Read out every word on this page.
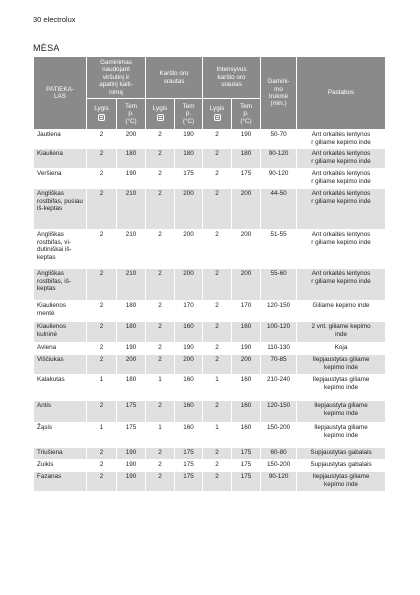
30 electrolux
MĖSA
PATIEKA-
LAS	Gaminimas
naudojant
viršutinį ir
apatinį kaiti-
nimą		Karšto oro
srautas		Intensyvus
karšto oro
srautas		Gamini-
mo
trukmė
(min.)	Pastabos

	Lygis	Tem
p.
(°C)	Lygis	Tem
p.
(°C)	Lygis	Tem
p.
(°C)		
Jautiena	2	200	2	190	2	190	50-70	Ant orkaitės lentynos
r giliame kepimo inde
Kiauliena	2	180	2	180	2	180	90-120	Ant orkaitės lentynos
r giliame kepimo inde
Veršiena	2	190	2	175	2	175	90-120	Ant orkaitės lentynos
r giliame kepimo inde
Angliškas rostbifas, pusiau iš-keptas	2	210	2	200	2	200	44-50	Ant orkaitės lentynos
r giliame kepimo inde
Angliškas rostbifas, vi-dutiniškai iš-keptas	2	210	2	200	2	200	51-55	Ant orkaitės lentynos
r giliame kepimo inde
Angliškas rostbifas, iš-keptas	2	210	2	200	2	200	55-60	Ant orkaitės lentynos
r giliame kepimo inde
Kiaulienos mentė	2	180	2	170	2	170	120-150	Giliame kepimo inde
Kiaulienos kulninė	2	180	2	160	2	160	100-120	2 vnt. giliame kepimo
inde
Aviena	2	190	2	190	2	190	110-130	Koja
Viščiukas	2	200	2	200	2	200	70-85	Ilepjaustytas giliame
kepimo inde
Kalakutas	1	180	1	160	1	160	210-240	Ilepjaustytas giliame
kepimo inde
Antis	2	175	2	160	2	160	120-150	Ilepjaustyta giliame
kepimo inde
Žąsis	1	175	1	160	1	160	150-200	Ilepjaustyta giliame
kepimo inde
Triušiena	2	190	2	175	2	175	60-80	Supjaustytas gabalais
Zuikis	2	190	2	175	2	175	150-200	Supjaustytas gabalais
Fazanas	2	190	2	175	2	175	90-120	Ilepjaustytas giliame
kepimo inde
